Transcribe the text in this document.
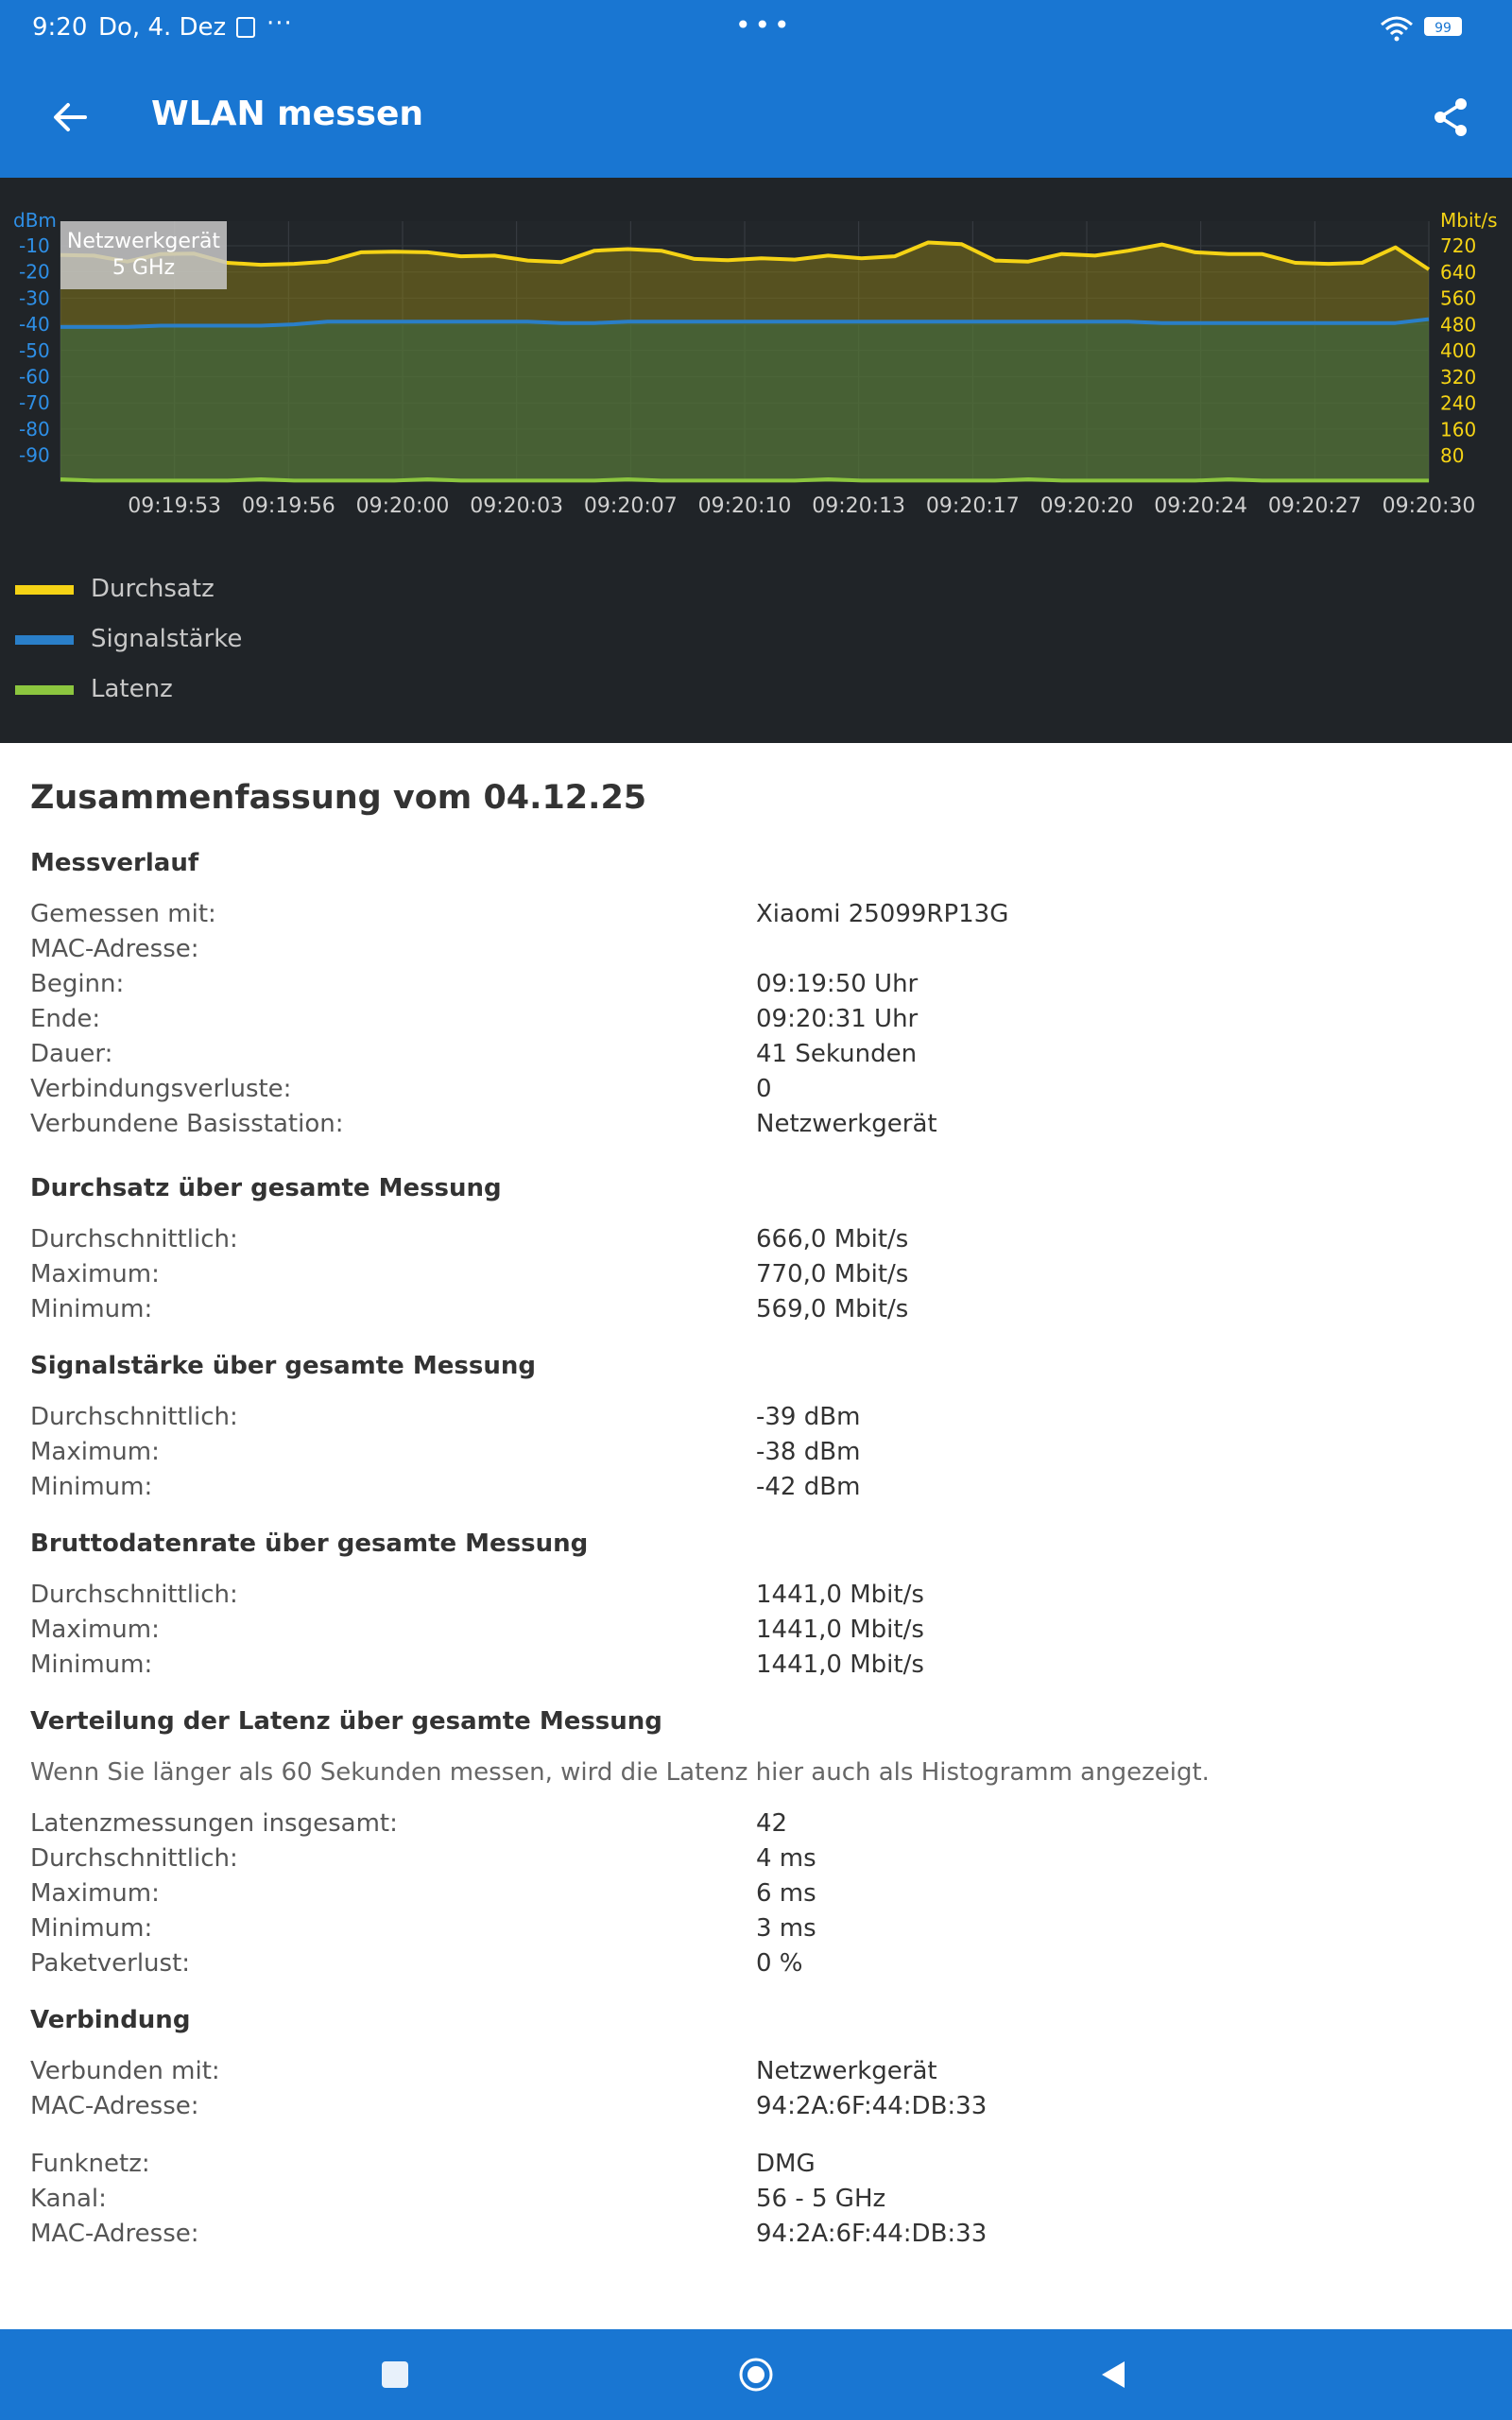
9:20 Do, 4. Dez ···	•••	99
WLAN messen
-10
-20
-30
-40
-50
-60
-70
-80
-90
dBm
720
640
560
480
400
320
240
160
80
Mbit/s
09:19:53 09:19:56 09:20:00 09:20:03 09:20:07 09:20:10 09:20:13 09:20:17 09:20:20 09:20:24 09:20:27 09:20:30
Netzwerkgerät
5 GHz
Durchsatz
Signalstärke
Latenz
Zusammenfassung vom 04.12.25
Messverlauf
Gemessen mit:	Xiaomi 25099RP13G
MAC-Adresse:
Beginn:	09:19:50 Uhr
Ende:	09:20:31 Uhr
Dauer:	41 Sekunden
Verbindungsverluste:	0
Verbundene Basisstation:	Netzwerkgerät
Durchsatz über gesamte Messung
Durchschnittlich:	666,0 Mbit/s
Maximum:	770,0 Mbit/s
Minimum:	569,0 Mbit/s
Signalstärke über gesamte Messung
Durchschnittlich:	-39 dBm
Maximum:	-38 dBm
Minimum:	-42 dBm
Bruttodatenrate über gesamte Messung
Durchschnittlich:	1441,0 Mbit/s
Maximum:	1441,0 Mbit/s
Minimum:	1441,0 Mbit/s
Verteilung der Latenz über gesamte Messung
Wenn Sie länger als 60 Sekunden messen, wird die Latenz hier auch als Histogramm angezeigt.
Latenzmessungen insgesamt:	42
Durchschnittlich:	4 ms
Maximum:	6 ms
Minimum:	3 ms
Paketverlust:	0 %
Verbindung
Verbunden mit:	Netzwerkgerät
MAC-Adresse:	94:2A:6F:44:DB:33
Funknetz:	DMG
Kanal:	56 - 5 GHz
MAC-Adresse:	94:2A:6F:44:DB:33
